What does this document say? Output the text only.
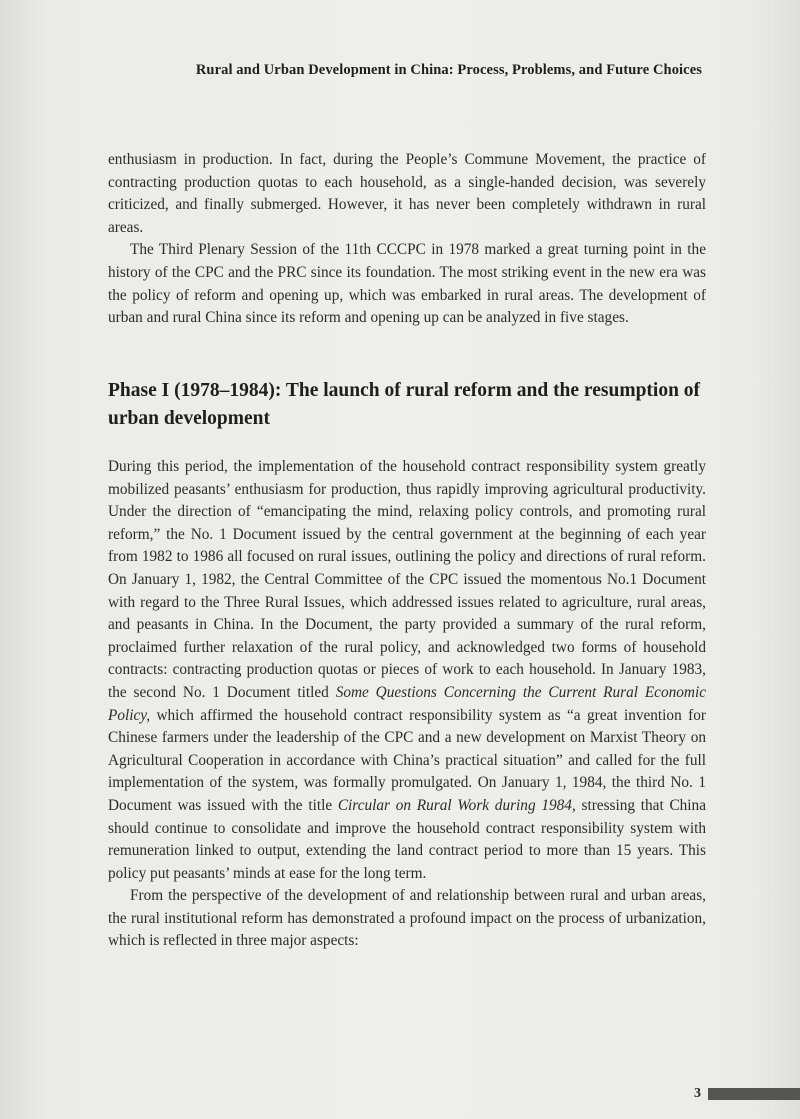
Rural and Urban Development in China: Process, Problems, and Future Choices

enthusiasm in production. In fact, during the People’s Commune Movement, the practice of contracting production quotas to each household, as a single-handed decision, was severely criticized, and finally submerged. However, it has never been completely withdrawn in rural areas.

The Third Plenary Session of the 11th CCCPC in 1978 marked a great turning point in the history of the CPC and the PRC since its foundation. The most striking event in the new era was the policy of reform and opening up, which was embarked in rural areas. The development of urban and rural China since its reform and opening up can be analyzed in five stages.

Phase I (1978–1984): The launch of rural reform and the resumption of urban development

During this period, the implementation of the household contract responsibility system greatly mobilized peasants’ enthusiasm for production, thus rapidly improving agricultural productivity. Under the direction of “emancipating the mind, relaxing policy controls, and promoting rural reform,” the No. 1 Document issued by the central government at the beginning of each year from 1982 to 1986 all focused on rural issues, outlining the policy and directions of rural reform. On January 1, 1982, the Central Committee of the CPC issued the momentous No.1 Document with regard to the Three Rural Issues, which addressed issues related to agriculture, rural areas, and peasants in China. In the Document, the party provided a summary of the rural reform, proclaimed further relaxation of the rural policy, and acknowledged two forms of household contracts: contracting production quotas or pieces of work to each household. In January 1983, the second No. 1 Document titled Some Questions Concerning the Current Rural Economic Policy, which affirmed the household contract responsibility system as “a great invention for Chinese farmers under the leadership of the CPC and a new development on Marxist Theory on Agricultural Cooperation in accordance with China’s practical situation” and called for the full implementation of the system, was formally promulgated. On January 1, 1984, the third No. 1 Document was issued with the title Circular on Rural Work during 1984, stressing that China should continue to consolidate and improve the household contract responsibility system with remuneration linked to output, extending the land contract period to more than 15 years. This policy put peasants’ minds at ease for the long term.

From the perspective of the development of and relationship between rural and urban areas, the rural institutional reform has demonstrated a profound impact on the process of urbanization, which is reflected in three major aspects:

3
